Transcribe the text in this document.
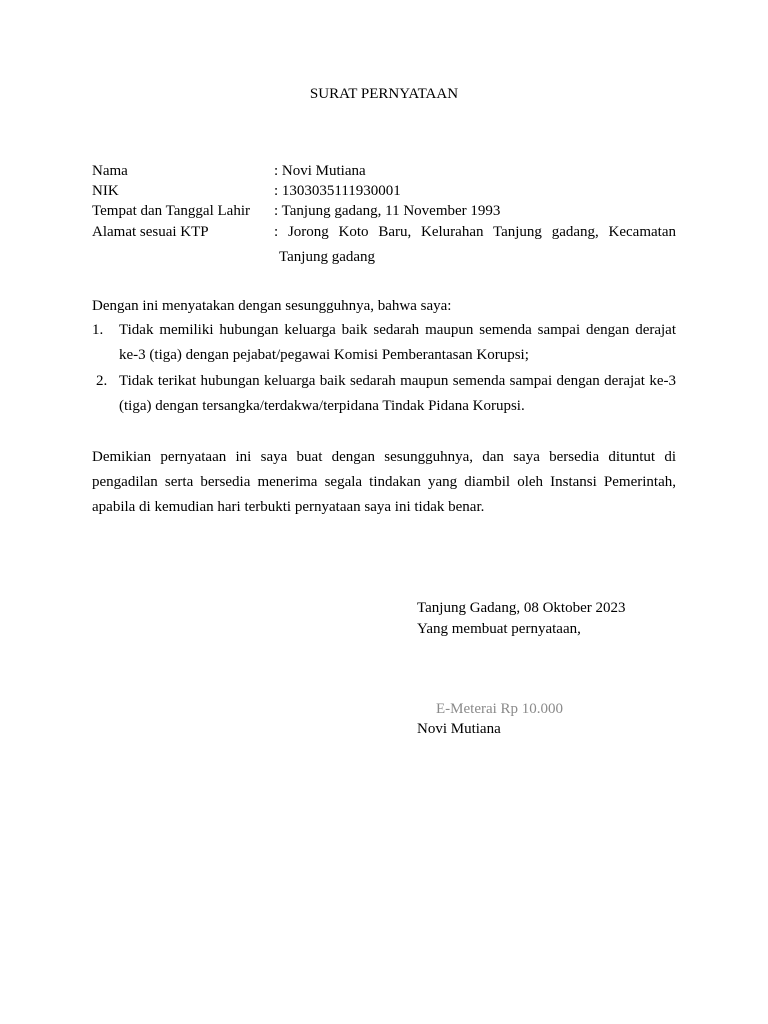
SURAT PERNYATAAN
Nama	: Novi Mutiana
NIK	: 1303035111930001
Tempat dan Tanggal Lahir	: Tanjung gadang, 11 November 1993
Alamat sesuai KTP	: Jorong Koto Baru, Kelurahan Tanjung gadang, Kecamatan
Tanjung gadang
Dengan ini menyatakan dengan sesungguhnya, bahwa saya:
1.	Tidak memiliki hubungan keluarga baik sedarah maupun semenda sampai dengan derajat ke-3 (tiga) dengan pejabat/pegawai Komisi Pemberantasan Korupsi;
2. Tidak terikat hubungan keluarga baik sedarah maupun semenda sampai dengan derajat ke-3 (tiga) dengan tersangka/terdakwa/terpidana Tindak Pidana Korupsi.
Demikian pernyataan ini saya buat dengan sesungguhnya, dan saya bersedia dituntut di pengadilan serta bersedia menerima segala tindakan yang diambil oleh Instansi Pemerintah, apabila di kemudian hari terbukti pernyataan saya ini tidak benar.
Tanjung Gadang, 08 Oktober 2023
Yang membuat pernyataan,
E-Meterai Rp 10.000
Novi Mutiana
